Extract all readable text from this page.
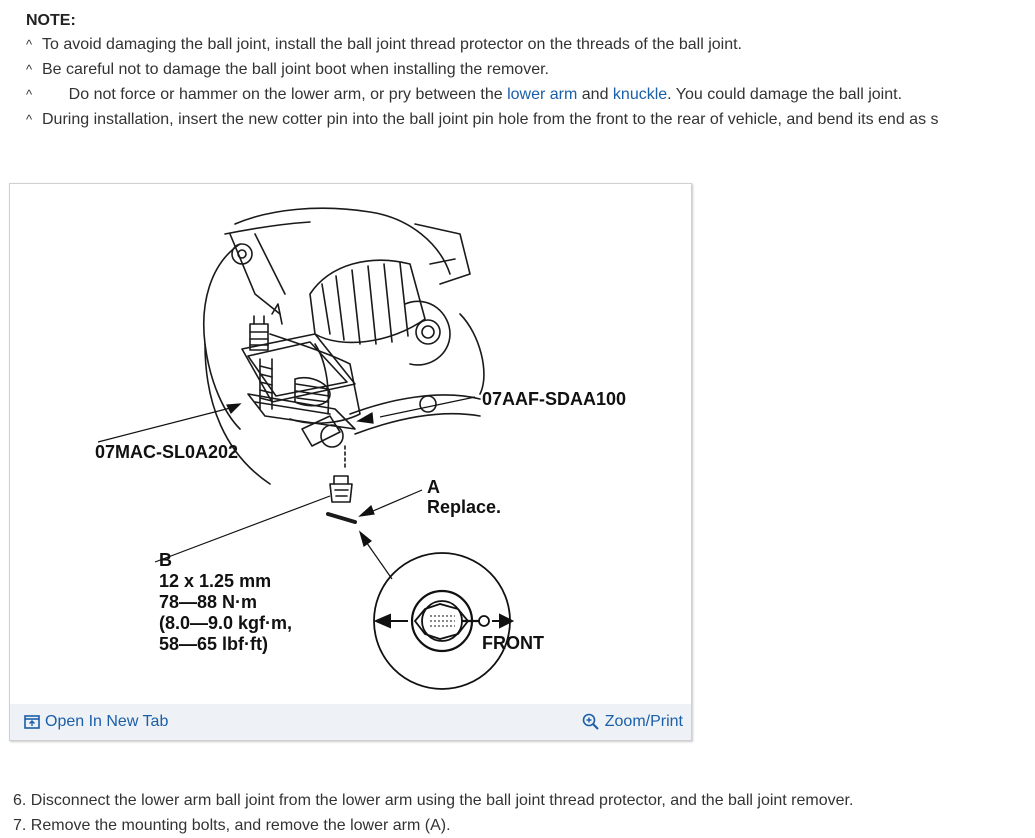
NOTE:
^ To avoid damaging the ball joint, install the ball joint thread protector on the threads of the ball joint.
^ Be careful not to damage the ball joint boot when installing the remover.
^	Do not force or hammer on the lower arm, or pry between the lower arm and knuckle. You could damage the ball joint.

^ During installation, insert the new cotter pin into the ball joint pin hole from the front to the rear of vehicle, and bend its end as s
07AAF-SDAA100
07MAC-SL0A202
A
Replace.
B
12 x 1.25 mm
78—88 N·m
(8.0—9.0 kgf·m,
58—65 lbf·ft)	FRONT
Open In New Tab	Zoom/Print
6. Disconnect the lower arm ball joint from the lower arm using the ball joint thread protector, and the ball joint remover.
7. Remove the mounting bolts, and remove the lower arm (A).
